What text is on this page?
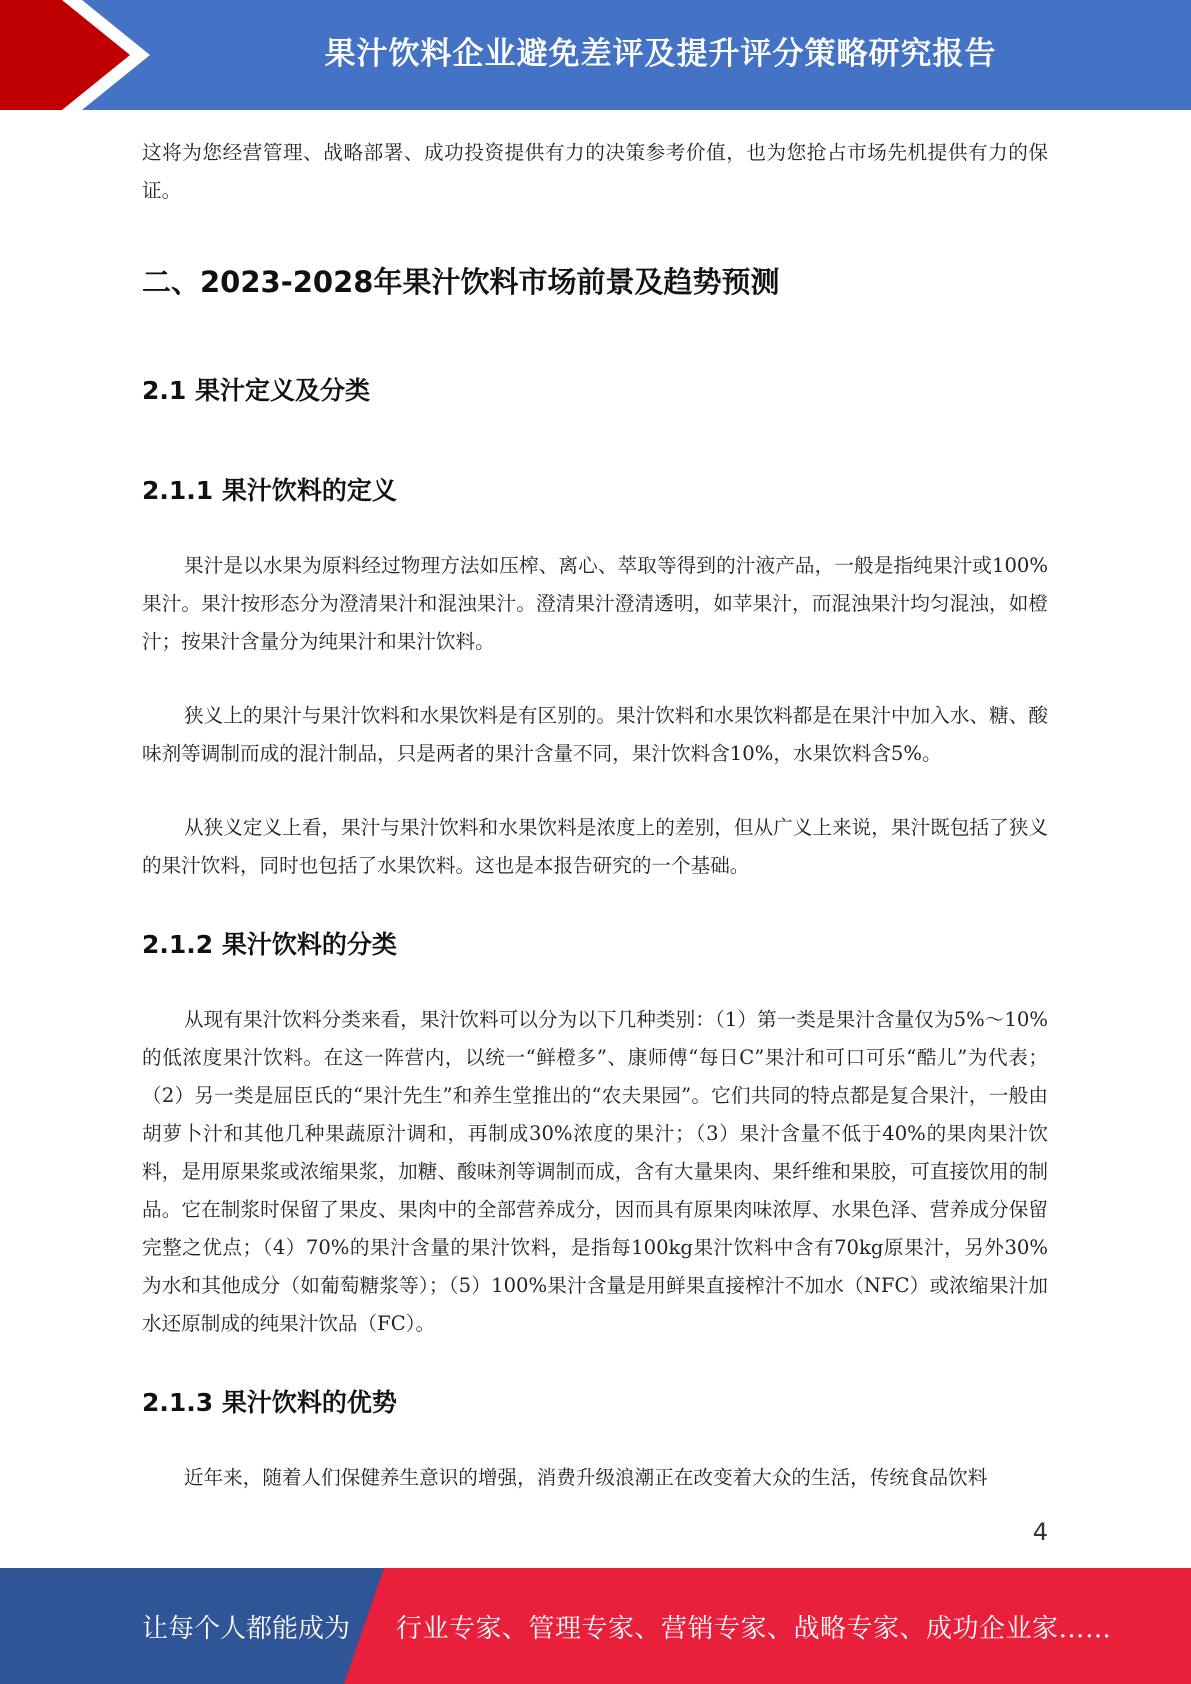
果汁饮料企业避免差评及提升评分策略研究报告

这将为您经营管理、战略部署、成功投资提供有力的决策参考价值，也为您抢占市场先机提供有力的保证。

二、2023-2028年果汁饮料市场前景及趋势预测
2.1 果汁定义及分类
2.1.1 果汁饮料的定义

果汁是以水果为原料经过物理方法如压榨、离心、萃取等得到的汁液产品，一般是指纯果汁或100%果汁。果汁按形态分为澄清果汁和混浊果汁。澄清果汁澄清透明，如苹果汁，而混浊果汁均匀混浊，如橙汁；按果汁含量分为纯果汁和果汁饮料。

狭义上的果汁与果汁饮料和水果饮料是有区别的。果汁饮料和水果饮料都是在果汁中加入水、糖、酸味剂等调制而成的混汁制品，只是两者的果汁含量不同，果汁饮料含10%，水果饮料含5%。

从狭义定义上看，果汁与果汁饮料和水果饮料是浓度上的差别，但从广义上来说，果汁既包括了狭义的果汁饮料，同时也包括了水果饮料。这也是本报告研究的一个基础。

2.1.2 果汁饮料的分类

从现有果汁饮料分类来看，果汁饮料可以分为以下几种类别：（1）第一类是果汁含量仅为5%～10%的低浓度果汁饮料。在这一阵营内，以统一“鲜橙多”、康师傅“每日C”果汁和可口可乐“酷儿”为代表；（2）另一类是屈臣氏的“果汁先生”和养生堂推出的“农夫果园”。它们共同的特点都是复合果汁，一般由胡萝卜汁和其他几种果蔬原汁调和，再制成30%浓度的果汁；（3）果汁含量不低于40%的果肉果汁饮料，是用原果浆或浓缩果浆，加糖、酸味剂等调制而成，含有大量果肉、果纤维和果胶，可直接饮用的制品。它在制浆时保留了果皮、果肉中的全部营养成分，因而具有原果肉味浓厚、水果色泽、营养成分保留完整之优点；（4）70%的果汁含量的果汁饮料，是指每100kg果汁饮料中含有70kg原果汁，另外30%为水和其他成分（如葡萄糖浆等）；（5）100%果汁含量是用鲜果直接榨汁不加水（NFC）或浓缩果汁加水还原制成的纯果汁饮品（FC）。

2.1.3 果汁饮料的优势

近年来，随着人们保健养生意识的增强，消费升级浪潮正在改变着大众的生活，传统食品饮料

4
让每个人都能成为 行业专家、管理专家、营销专家、战略专家、成功企业家……
